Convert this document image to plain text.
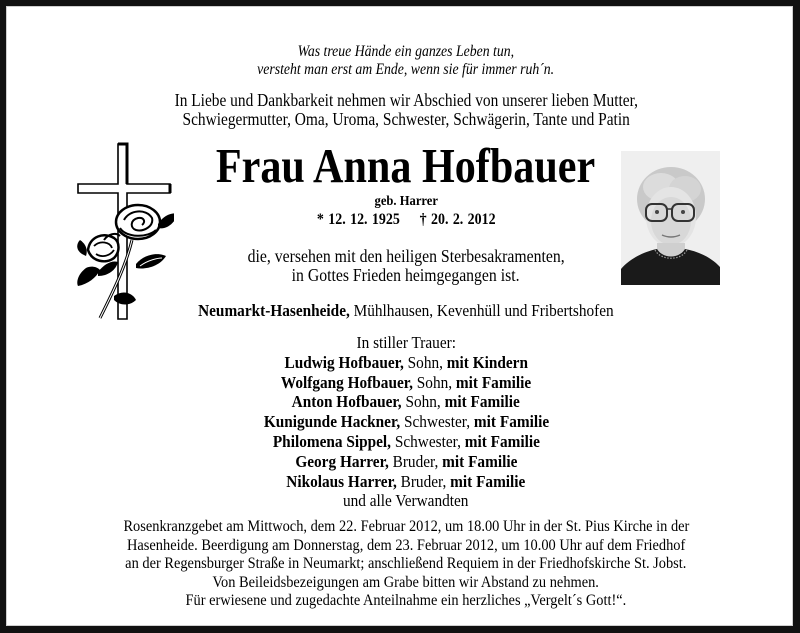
Was treue Hände ein ganzes Leben tun,
versteht man erst am Ende, wenn sie für immer ruh´n.
In Liebe und Dankbarkeit nehmen wir Abschied von unserer lieben Mutter,
Schwiegermutter, Oma, Uroma, Schwester, Schwägerin, Tante und Patin
Frau Anna Hofbauer
geb. Harrer
* 12. 12. 1925 † 20. 2. 2012
die, versehen mit den heiligen Sterbesakramenten,
in Gottes Frieden heimgegangen ist.
Neumarkt-Hasenheide, Mühlhausen, Kevenhüll und Fribertshofen
In stiller Trauer:
Ludwig Hofbauer, Sohn, mit Kindern
Wolfgang Hofbauer, Sohn, mit Familie
Anton Hofbauer, Sohn, mit Familie
Kunigunde Hackner, Schwester, mit Familie
Philomena Sippel, Schwester, mit Familie
Georg Harrer, Bruder, mit Familie
Nikolaus Harrer, Bruder, mit Familie
und alle Verwandten
Rosenkranzgebet am Mittwoch, dem 22. Februar 2012, um 18.00 Uhr in der St. Pius Kirche in der
Hasenheide. Beerdigung am Donnerstag, dem 23. Februar 2012, um 10.00 Uhr auf dem Friedhof
an der Regensburger Straße in Neumarkt; anschließend Requiem in der Friedhofskirche St. Jobst.
Von Beileidsbezeigungen am Grabe bitten wir Abstand zu nehmen.
Für erwiesene und zugedachte Anteilnahme ein herzliches „Vergelt´s Gott!“.
